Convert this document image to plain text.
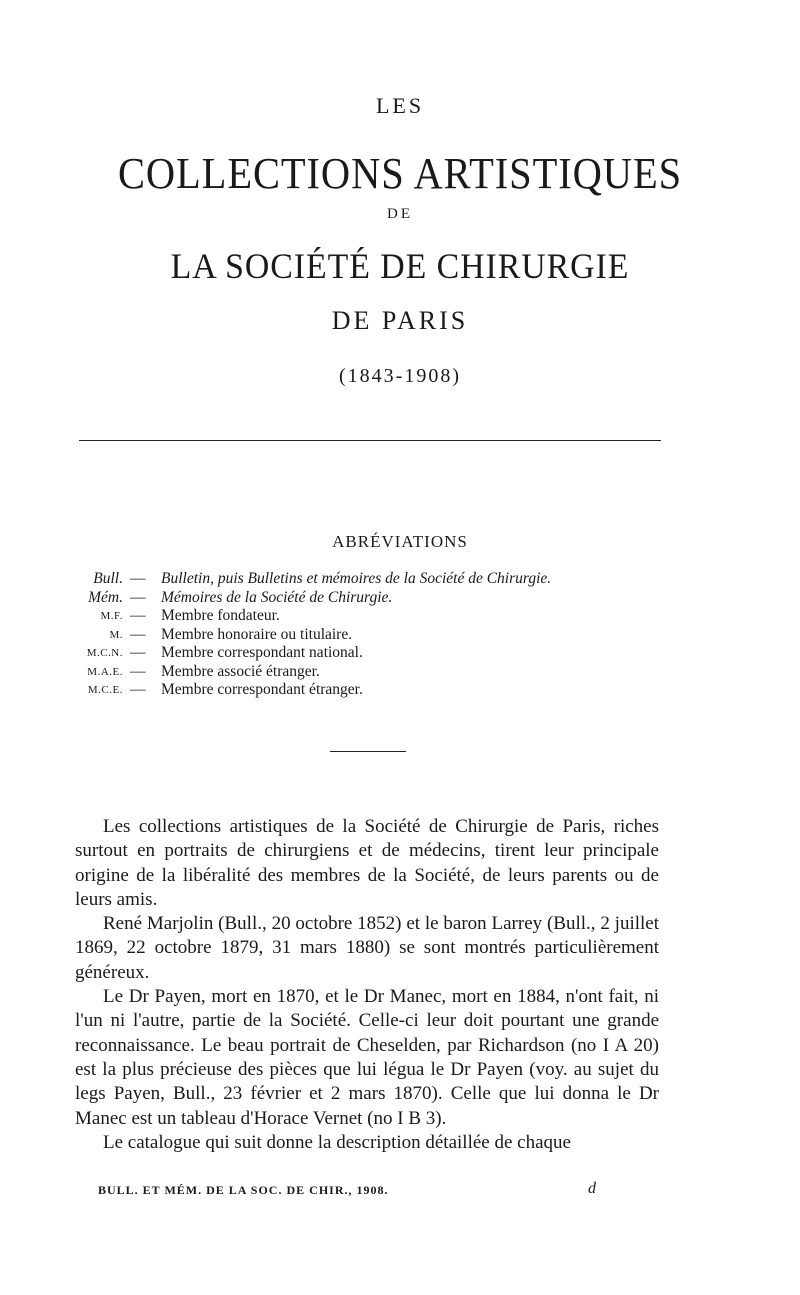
LES
COLLECTIONS ARTISTIQUES
DE
LA SOCIÉTÉ DE CHIRURGIE
DE PARIS
(1843-1908)
ABRÉVIATIONS
Bull. — Bulletin, puis Bulletins et mémoires de la Société de Chirurgie.
Mém. — Mémoires de la Société de Chirurgie.
M.F. — Membre fondateur.
M. — Membre honoraire ou titulaire.
M.C.N. — Membre correspondant national.
M.A.E. — Membre associé étranger.
M.C.E. — Membre correspondant étranger.

Les collections artistiques de la Société de Chirurgie de Paris, riches surtout en portraits de chirurgiens et de médecins, tirent leur principale origine de la libéralité des membres de la Société, de leurs parents ou de leurs amis.

René Marjolin (Bull., 20 octobre 1852) et le baron Larrey (Bull., 2 juillet 1869, 22 octobre 1879, 31 mars 1880) se sont montrés particulièrement généreux.

Le Dr Payen, mort en 1870, et le Dr Manec, mort en 1884, n'ont fait, ni l'un ni l'autre, partie de la Société. Celle-ci leur doit pourtant une grande reconnaissance. Le beau portrait de Cheselden, par Richardson (no I A 20) est la plus précieuse des pièces que lui légua le Dr Payen (voy. au sujet du legs Payen, Bull., 23 février et 2 mars 1870). Celle que lui donna le Dr Manec est un tableau d'Horace Vernet (no I B 3).

Le catalogue qui suit donne la description détaillée de chaque

BULL. ET MÉM. DE LA SOC. DE CHIR., 1908.	d
